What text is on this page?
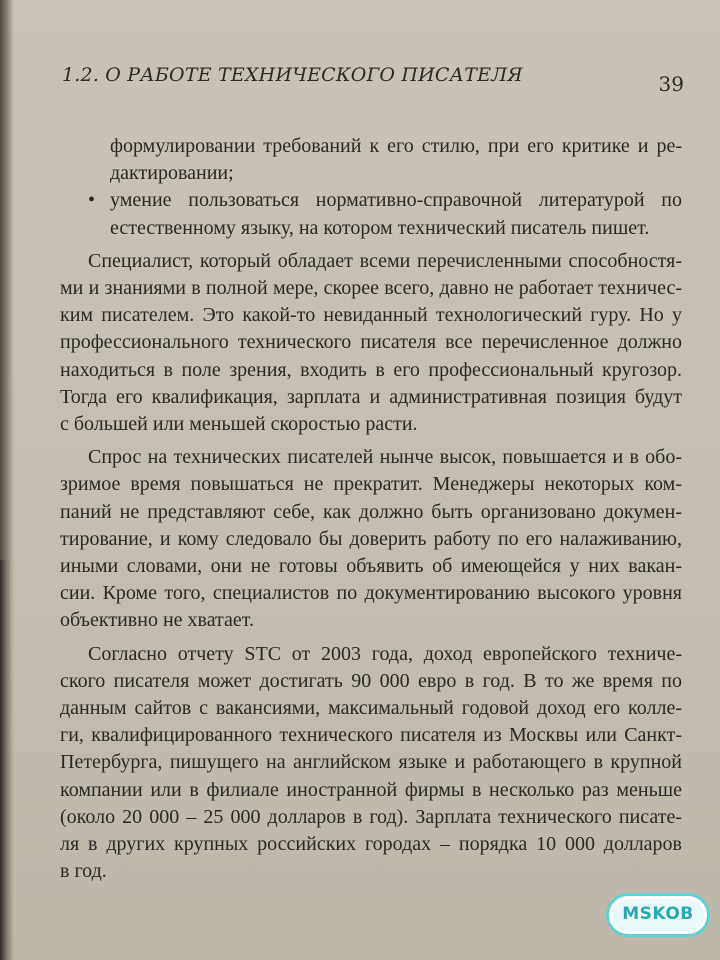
1.2. О РАБОТЕ ТЕХНИЧЕСКОГО ПИСАТЕЛЯ	39
формулировании требований к его стилю, при его критике и ре-
дактировании;
• умение пользоваться нормативно-справочной литературой по
естественному языку, на котором технический писатель пишет.
Специалист, который обладает всеми перечисленными способностя-
ми и знаниями в полной мере, скорее всего, давно не работает техничес-
ким писателем. Это какой-то невиданный технологический гуру. Но у
профессионального технического писателя все перечисленное должно
находиться в поле зрения, входить в его профессиональный кругозор.
Тогда его квалификация, зарплата и административная позиция будут
с большей или меньшей скоростью расти.
Спрос на технических писателей нынче высок, повышается и в обо-
зримое время повышаться не прекратит. Менеджеры некоторых ком-
паний не представляют себе, как должно быть организовано докумен-
тирование, и кому следовало бы доверить работу по его налаживанию,
иными словами, они не готовы объявить об имеющейся у них вакан-
сии. Кроме того, специалистов по документированию высокого уровня
объективно не хватает.
Согласно отчету STC от 2003 года, доход европейского техниче-
ского писателя может достигать 90 000 евро в год. В то же время по
данным сайтов с вакансиями, максимальный годовой доход его колле-
ги, квалифицированного технического писателя из Москвы или Санкт-
Петербурга, пишущего на английском языке и работающего в крупной
компании или в филиале иностранной фирмы в несколько раз меньше
(около 20 000 – 25 000 долларов в год). Зарплата технического писате-
ля в других крупных российских городах – порядка 10 000 долларов
в год.
MSKOB
